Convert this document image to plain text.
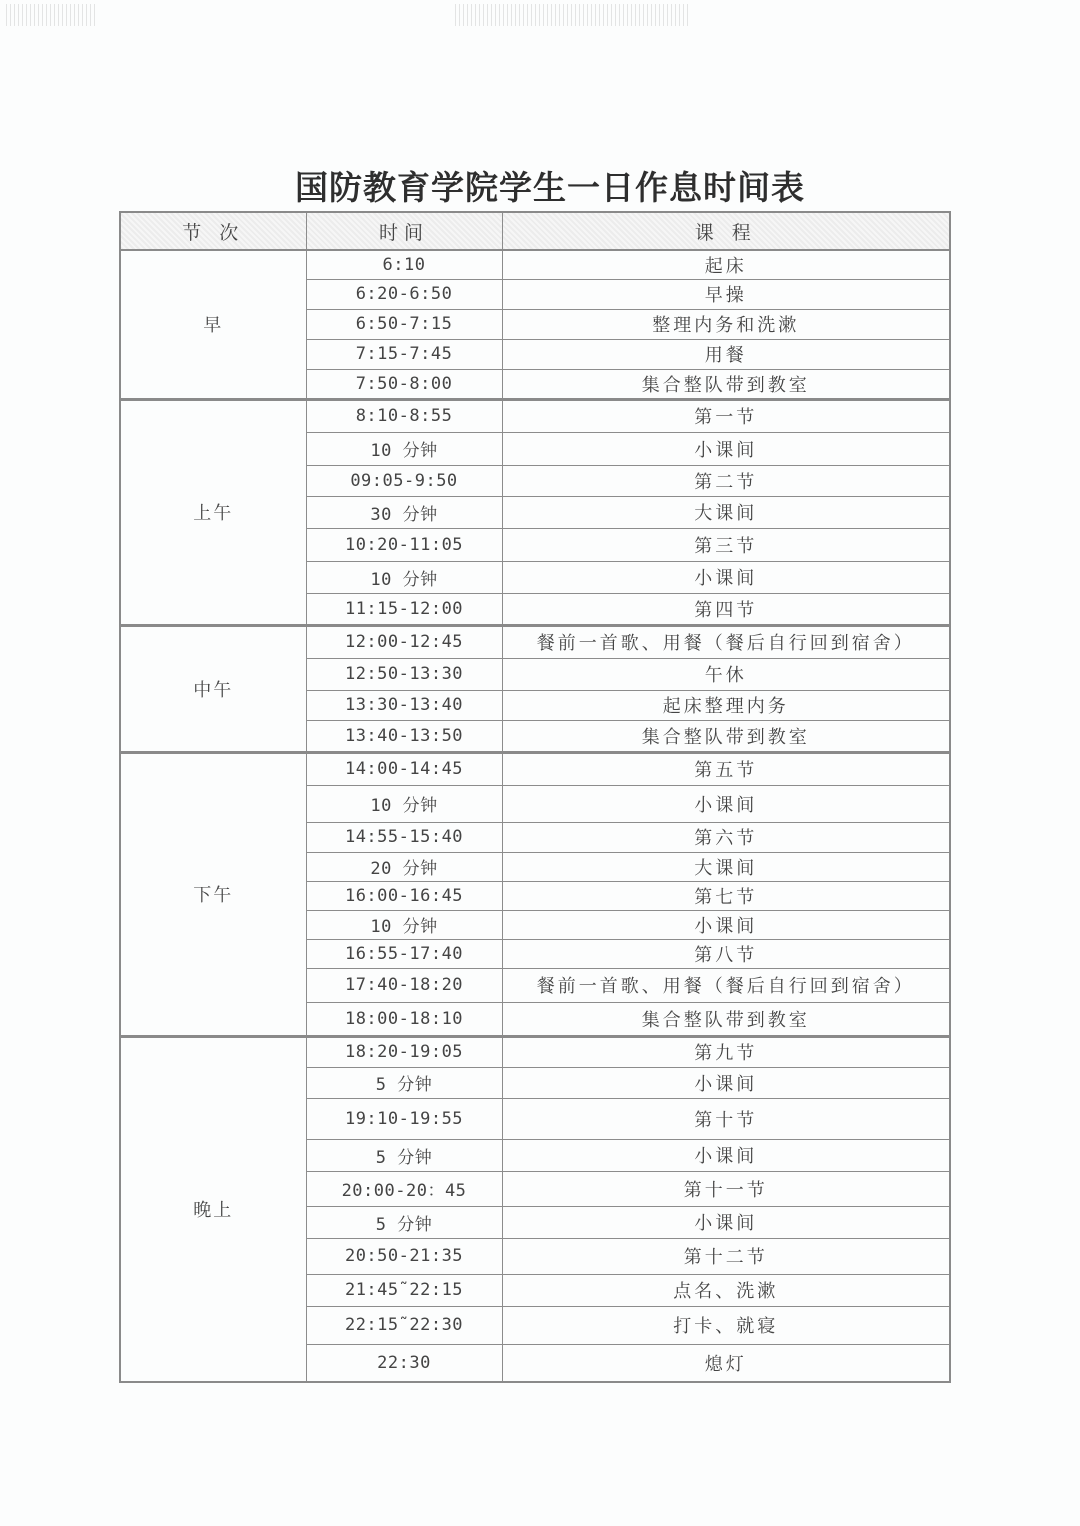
国防教育学院学生一日作息时间表
节 次	时间	课 程
早	6:10	起床
	6:20-6:50	早操
	6:50-7:15	整理内务和洗漱
	7:15-7:45	用餐
	7:50-8:00	集合整队带到教室
上午	8:10-8:55	第一节
	10 分钟	小课间
	09:05-9:50	第二节
	30 分钟	大课间
	10:20-11:05	第三节
	10 分钟	小课间
	11:15-12:00	第四节
中午	12:00-12:45	餐前一首歌、用餐（餐后自行回到宿舍）
	12:50-13:30	午休
	13:30-13:40	起床整理内务
	13:40-13:50	集合整队带到教室
下午	14:00-14:45	第五节
	10 分钟	小课间
	14:55-15:40	第六节
	20 分钟	大课间
	16:00-16:45	第七节
	10 分钟	小课间
	16:55-17:40	第八节
	17:40-18:20	餐前一首歌、用餐（餐后自行回到宿舍）
	18:00-18:10	集合整队带到教室
晚上	18:20-19:05	第九节
	5 分钟	小课间
	19:10-19:55	第十节
	5 分钟	小课间
	20:00-20：45	第十一节
	5 分钟	小课间
	20:50-21:35	第十二节
	21:45˜22:15	点名、洗漱
	22:15˜22:30	打卡、就寝
	22:30	熄灯
